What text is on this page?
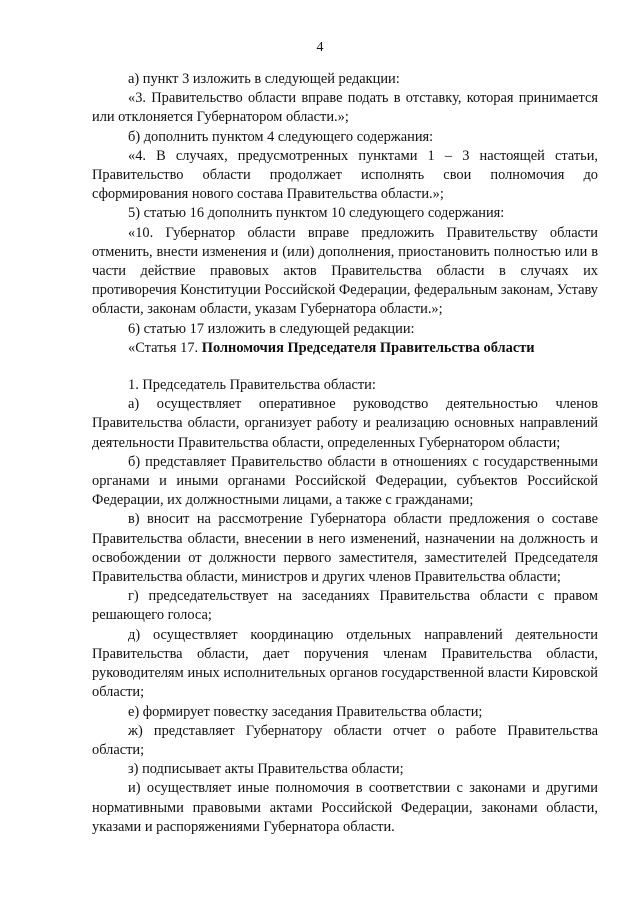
4

а) пункт 3 изложить в следующей редакции:

«3. Правительство области вправе подать в отставку, которая принимается или отклоняется Губернатором области.»;

б) дополнить пунктом 4 следующего содержания:

«4. В случаях, предусмотренных пунктами 1 – 3 настоящей статьи, Правительство области продолжает исполнять свои полномочия до сформирования нового состава Правительства области.»;

5) статью 16 дополнить пунктом 10 следующего содержания:

«10. Губернатор области вправе предложить Правительству области отменить, внести изменения и (или) дополнения, приостановить полностью или в части действие правовых актов Правительства области в случаях их противоречия Конституции Российской Федерации, федеральным законам, Уставу области, законам области, указам Губернатора области.»;

6) статью 17 изложить в следующей редакции:

«Статья 17. Полномочия Председателя Правительства области

1. Председатель Правительства области:

а) осуществляет оперативное руководство деятельностью членов Правительства области, организует работу и реализацию основных направлений деятельности Правительства области, определенных Губернатором области;

б) представляет Правительство области в отношениях с государственными органами и иными органами Российской Федерации, субъектов Российской Федерации, их должностными лицами, а также с гражданами;

в) вносит на рассмотрение Губернатора области предложения о составе Правительства области, внесении в него изменений, назначении на должность и освобождении от должности первого заместителя, заместителей Председателя Правительства области, министров и других членов Правительства области;

г) председательствует на заседаниях Правительства области с правом решающего голоса;

д) осуществляет координацию отдельных направлений деятельности Правительства области, дает поручения членам Правительства области, руководителям иных исполнительных органов государственной власти Кировской области;

е) формирует повестку заседания Правительства области;

ж) представляет Губернатору области отчет о работе Правительства области;

з) подписывает акты Правительства области;

и) осуществляет иные полномочия в соответствии с законами и другими нормативными правовыми актами Российской Федерации, законами области, указами и распоряжениями Губернатора области.
